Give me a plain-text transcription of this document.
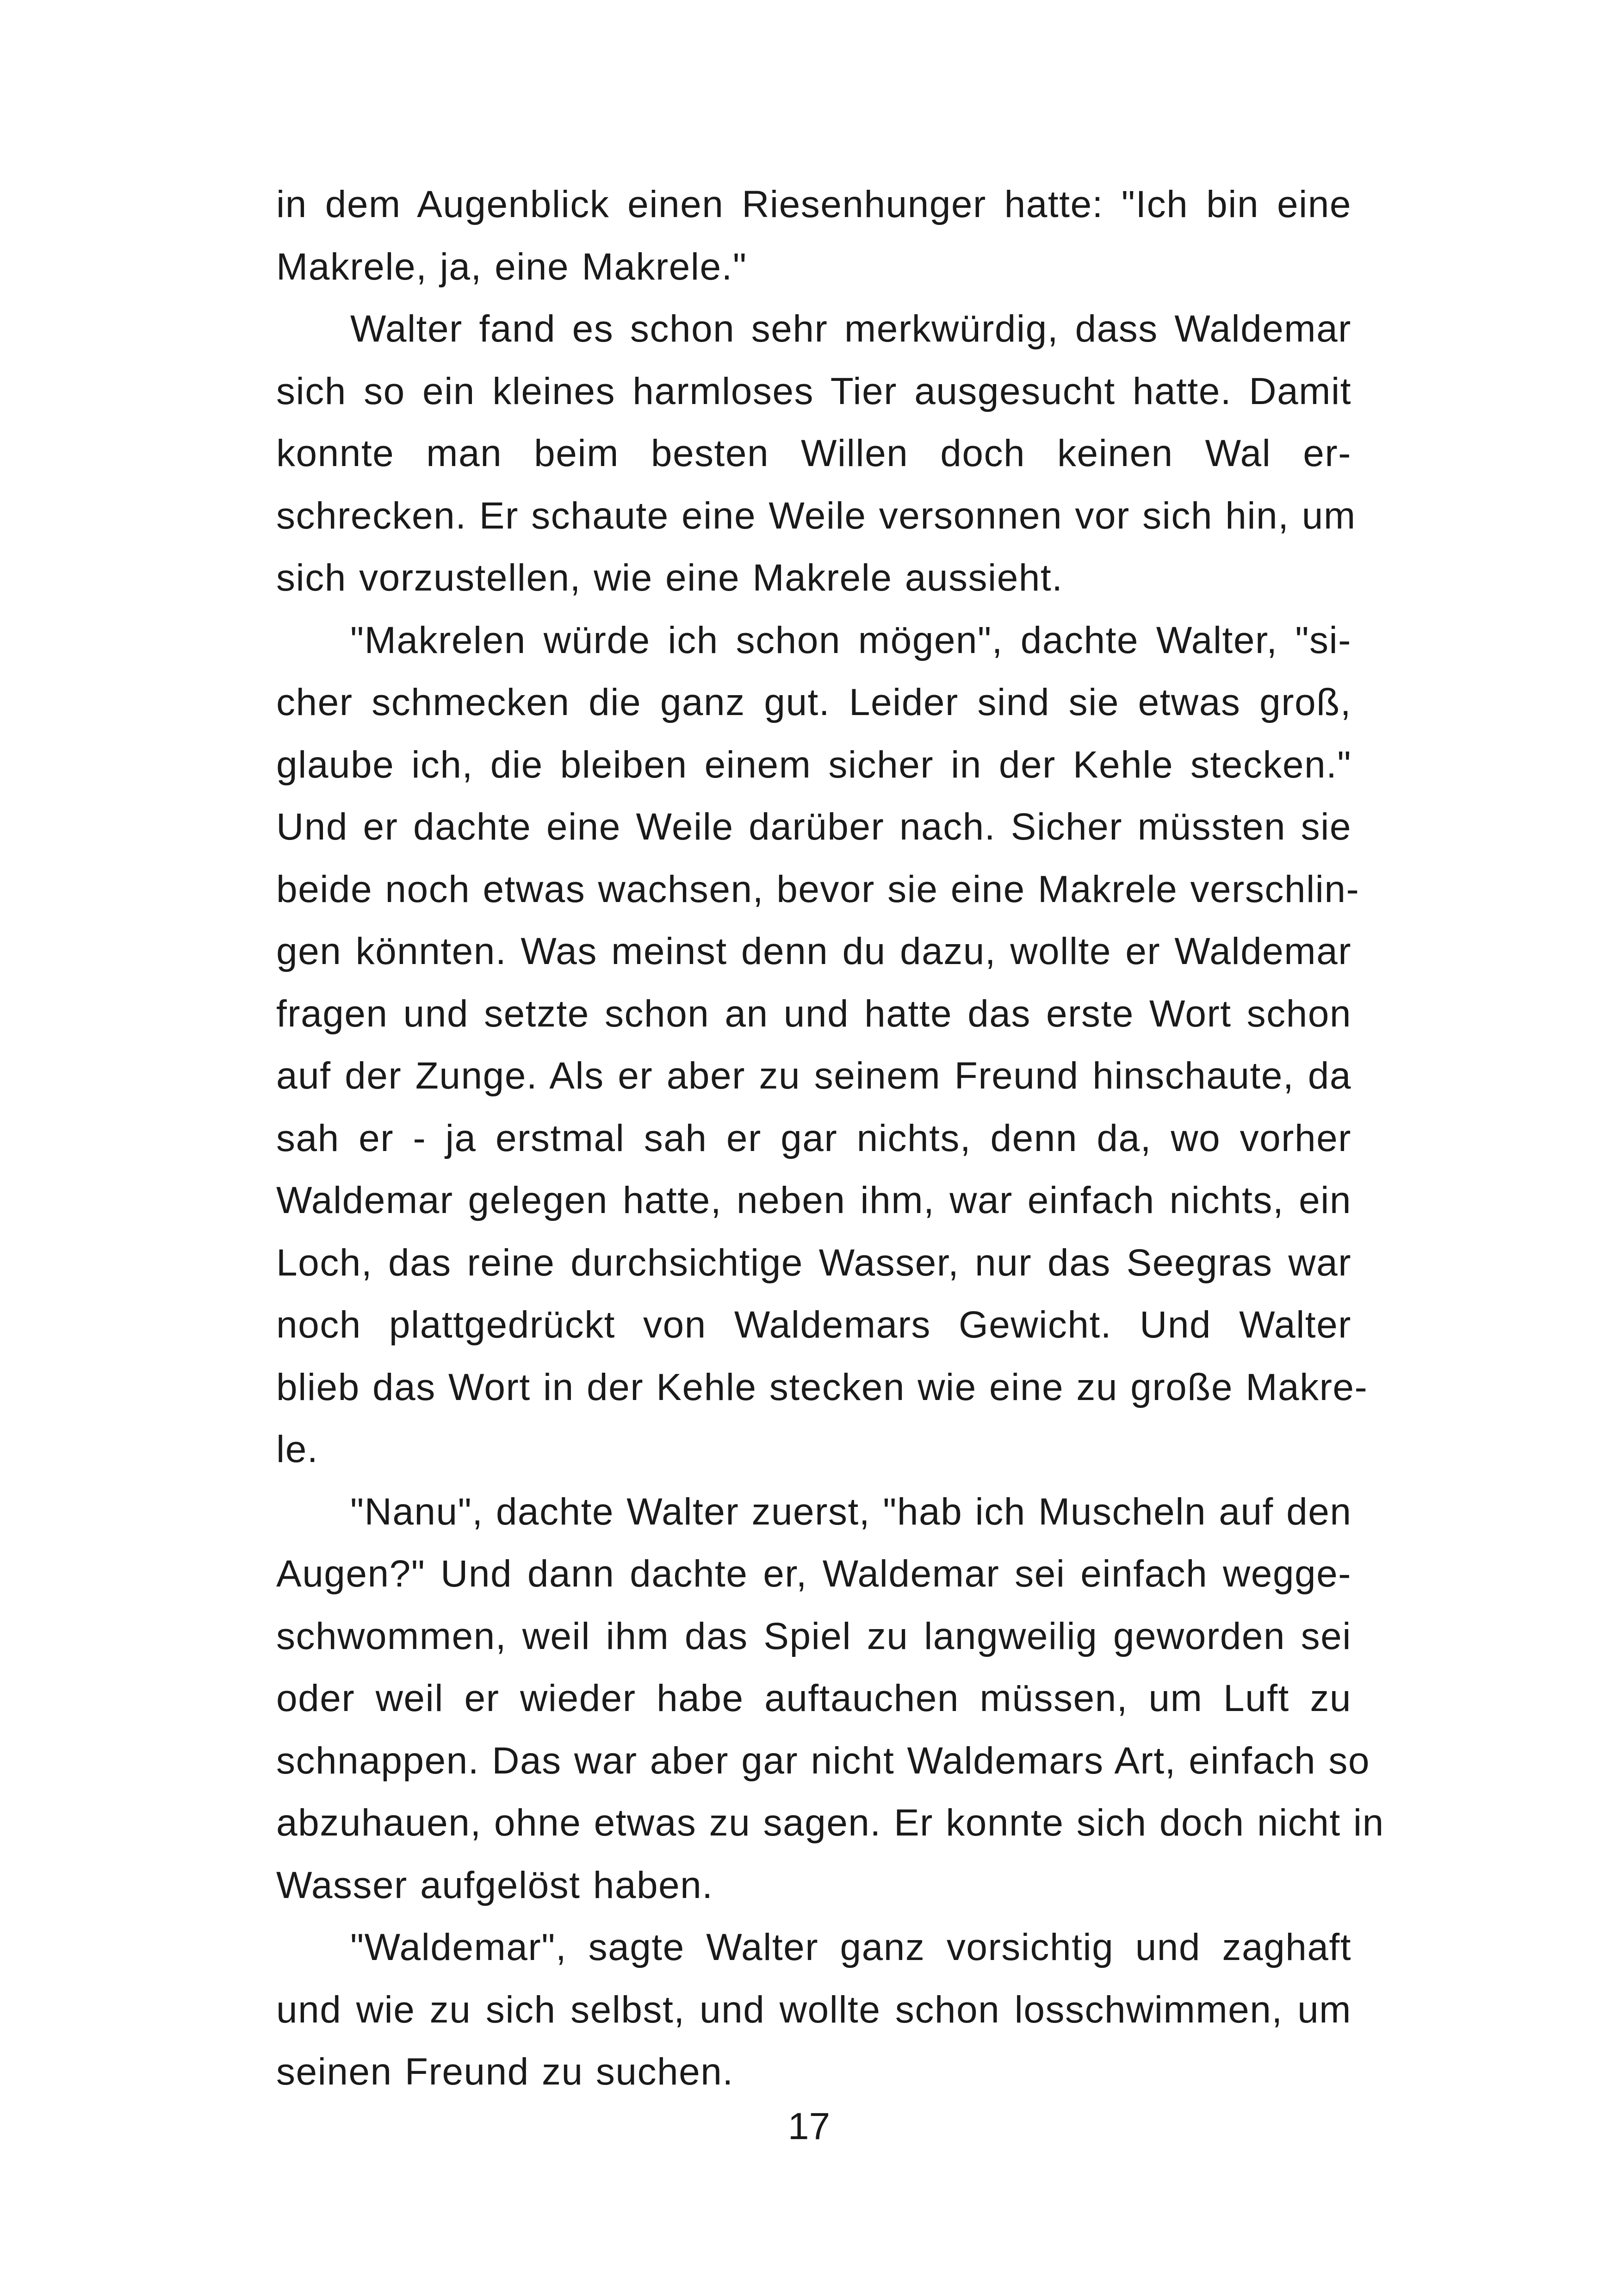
in dem Augenblick einen Riesenhunger hatte: "Ich bin eine
Makrele, ja, eine Makrele."
Walter fand es schon sehr merkwürdig, dass Waldemar
sich so ein kleines harmloses Tier ausgesucht hatte. Damit
konnte man beim besten Willen doch keinen Wal er-
schrecken. Er schaute eine Weile versonnen vor sich hin, um
sich vorzustellen, wie eine Makrele aussieht.
"Makrelen würde ich schon mögen", dachte Walter, "si-
cher schmecken die ganz gut. Leider sind sie etwas groß,
glaube ich, die bleiben einem sicher in der Kehle stecken."
Und er dachte eine Weile darüber nach. Sicher müssten sie
beide noch etwas wachsen, bevor sie eine Makrele verschlin-
gen könnten. Was meinst denn du dazu, wollte er Waldemar
fragen und setzte schon an und hatte das erste Wort schon
auf der Zunge. Als er aber zu seinem Freund hinschaute, da
sah er - ja erstmal sah er gar nichts, denn da, wo vorher
Waldemar gelegen hatte, neben ihm, war einfach nichts, ein
Loch, das reine durchsichtige Wasser, nur das Seegras war
noch plattgedrückt von Waldemars Gewicht. Und Walter
blieb das Wort in der Kehle stecken wie eine zu große Makre-
le.
"Nanu", dachte Walter zuerst, "hab ich Muscheln auf den
Augen?" Und dann dachte er, Waldemar sei einfach wegge-
schwommen, weil ihm das Spiel zu langweilig geworden sei
oder weil er wieder habe auftauchen müssen, um Luft zu
schnappen. Das war aber gar nicht Waldemars Art, einfach so
abzuhauen, ohne etwas zu sagen. Er konnte sich doch nicht in
Wasser aufgelöst haben.
"Waldemar", sagte Walter ganz vorsichtig und zaghaft
und wie zu sich selbst, und wollte schon losschwimmen, um
seinen Freund zu suchen.
17
